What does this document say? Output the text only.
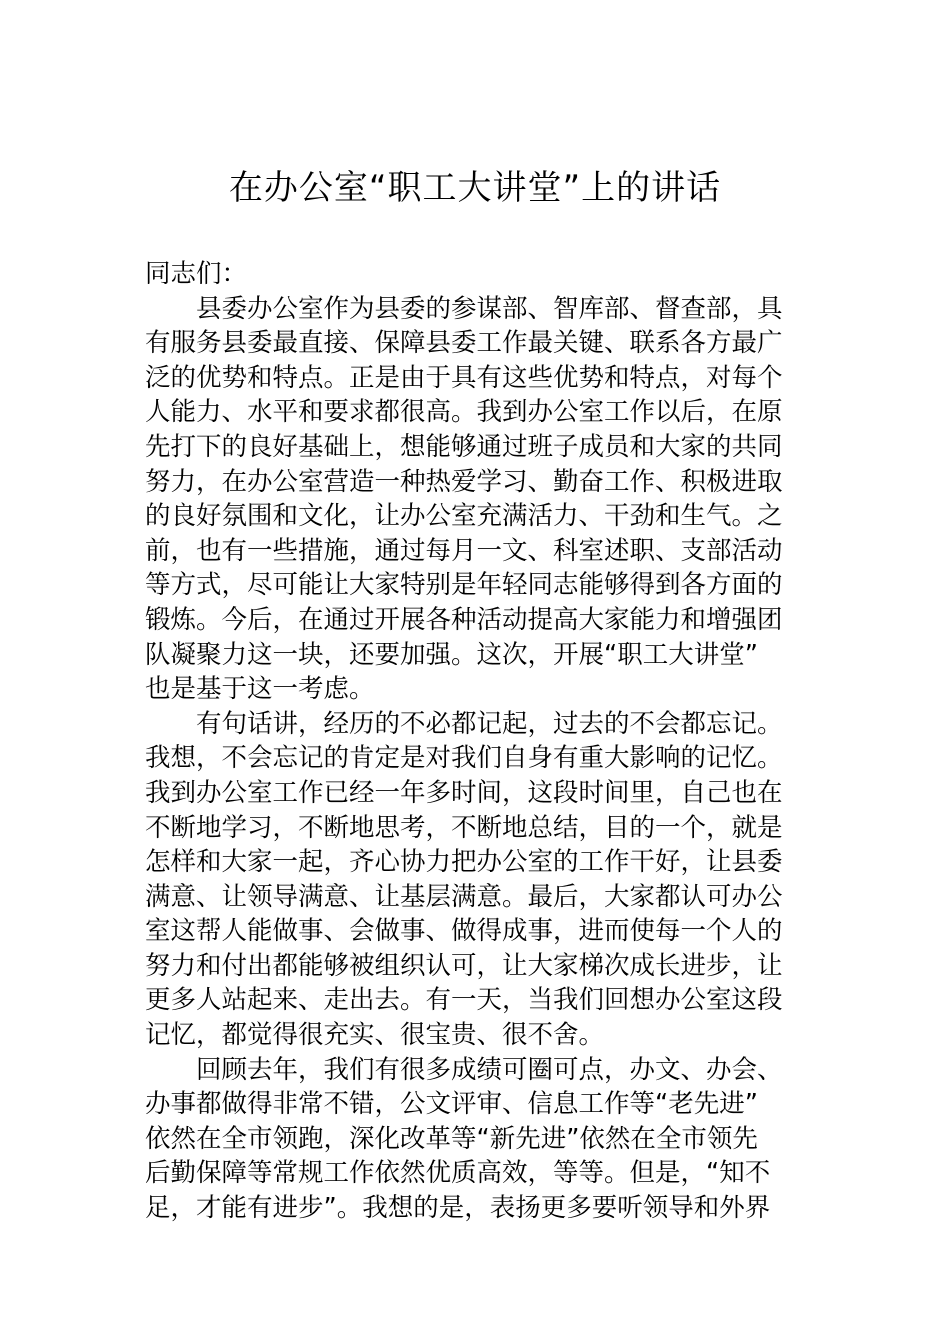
在办公室“职工大讲堂”上的讲话
同志们：
县委办公室作为县委的参谋部、智库部、督查部，具
有服务县委最直接、保障县委工作最关键、联系各方最广
泛的优势和特点。正是由于具有这些优势和特点，对每个
人能力、水平和要求都很高。我到办公室工作以后，在原
先打下的良好基础上，想能够通过班子成员和大家的共同
努力，在办公室营造一种热爱学习、勤奋工作、积极进取
的良好氛围和文化，让办公室充满活力、干劲和生气。之
前，也有一些措施，通过每月一文、科室述职、支部活动
等方式，尽可能让大家特别是年轻同志能够得到各方面的
锻炼。今后，在通过开展各种活动提高大家能力和增强团
队凝聚力这一块，还要加强。这次，开展“职工大讲堂”
也是基于这一考虑。
有句话讲，经历的不必都记起，过去的不会都忘记。
我想，不会忘记的肯定是对我们自身有重大影响的记忆。
我到办公室工作已经一年多时间，这段时间里，自己也在
不断地学习，不断地思考，不断地总结，目的一个，就是
怎样和大家一起，齐心协力把办公室的工作干好，让县委
满意、让领导满意、让基层满意。最后，大家都认可办公
室这帮人能做事、会做事、做得成事，进而使每一个人的
努力和付出都能够被组织认可，让大家梯次成长进步，让
更多人站起来、走出去。有一天，当我们回想办公室这段
记忆，都觉得很充实、很宝贵、很不舍。
回顾去年，我们有很多成绩可圈可点，办文、办会、
办事都做得非常不错，公文评审、信息工作等“老先进”
依然在全市领跑，深化改革等“新先进”依然在全市领先
后勤保障等常规工作依然优质高效，等等。但是，“知不
足，才能有进步”。我想的是，表扬更多要听领导和外界
